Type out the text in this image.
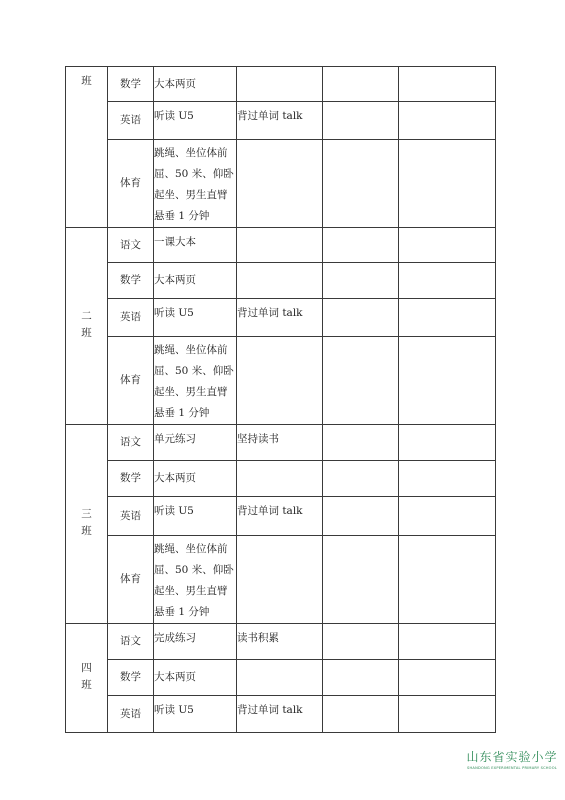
班	数学	大本两页			
	英语	听读 U5	背过单词 talk		
	体育	跳绳、坐位体前屈、50 米、仰卧起坐、男生直臂悬垂 1 分钟			
二班	语文	一课大本			
	数学	大本两页			
	英语	听读 U5	背过单词 talk		
	体育	跳绳、坐位体前屈、50 米、仰卧起坐、男生直臂悬垂 1 分钟			
三班	语文	单元练习	坚持读书		
	数学	大本两页			
	英语	听读 U5	背过单词 talk		
	体育	跳绳、坐位体前屈、50 米、仰卧起坐、男生直臂悬垂 1 分钟			
四班	语文	完成练习	读书积累		
	数学	大本两页			
	英语	听读 U5	背过单词 talk		
山东省实验小学
SHANDONG EXPERIMENTAL PRIMARY SCHOOL
